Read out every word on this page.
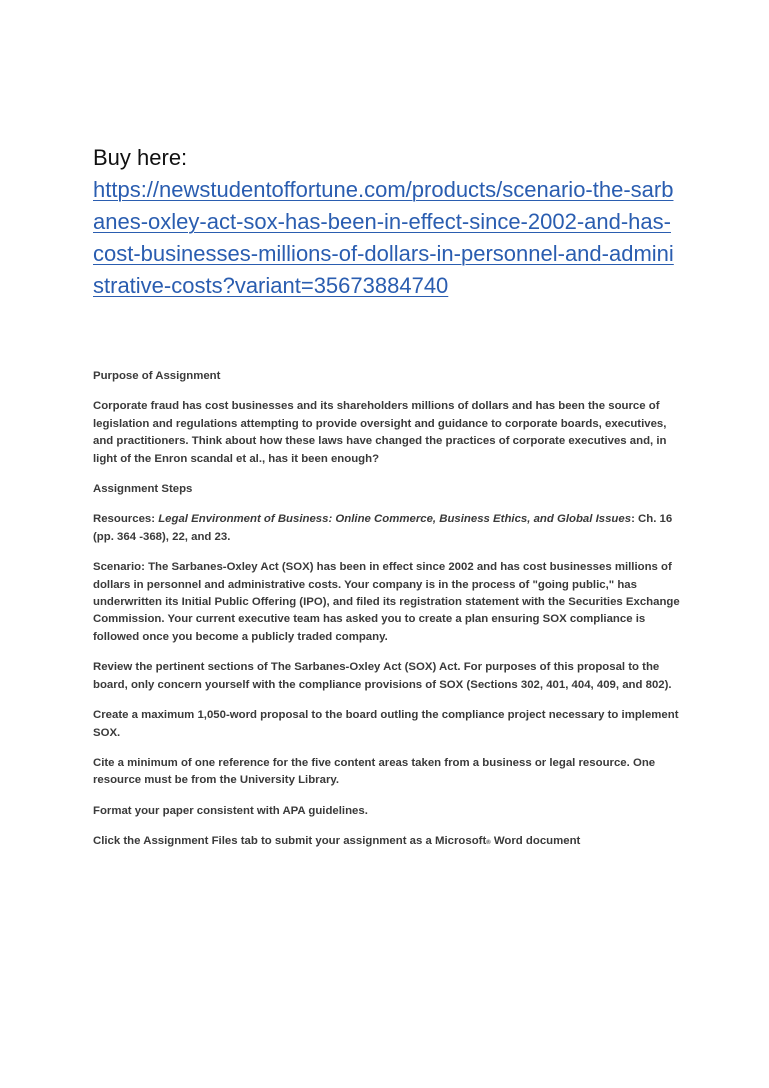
Buy here:
https://newstudentoffortune.com/products/scenario-the-sarbanes-oxley-act-sox-has-been-in-effect-since-2002-and-has-cost-businesses-millions-of-dollars-in-personnel-and-administrative-costs?variant=35673884740
Purpose of Assignment

Corporate fraud has cost businesses and its shareholders millions of dollars and has been the source of legislation and regulations attempting to provide oversight and guidance to corporate boards, executives, and practitioners. Think about how these laws have changed the practices of corporate executives and, in light of the Enron scandal et al., has it been enough?

Assignment Steps

Resources: Legal Environment of Business: Online Commerce, Business Ethics, and Global Issues: Ch. 16 (pp. 364 -368), 22, and 23.

Scenario: The Sarbanes-Oxley Act (SOX) has been in effect since 2002 and has cost businesses millions of dollars in personnel and administrative costs. Your company is in the process of "going public," has underwritten its Initial Public Offering (IPO), and filed its registration statement with the Securities Exchange Commission. Your current executive team has asked you to create a plan ensuring SOX compliance is followed once you become a publicly traded company.

Review the pertinent sections of The Sarbanes-Oxley Act (SOX) Act. For purposes of this proposal to the board, only concern yourself with the compliance provisions of SOX (Sections 302, 401, 404, 409, and 802).

Create a maximum 1,050-word proposal to the board outling the compliance project necessary to implement SOX.

Cite a minimum of one reference for the five content areas taken from a business or legal resource. One resource must be from the University Library.

Format your paper consistent with APA guidelines.

Click the Assignment Files tab to submit your assignment as a Microsoft® Word document
